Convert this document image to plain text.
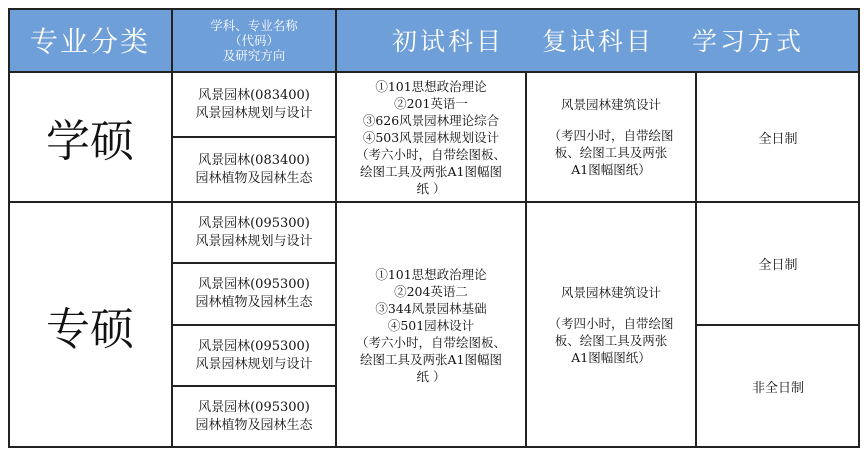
专业分类	学科、专业名称
（代码）
及研究方向	初试科目 复试科目 学习方式
学硕
风景园林(083400)
风景园林规划与设计
风景园林(083400)
园林植物及园林生态
①101思想政治理论
②201英语一
③626风景园林理论综合
④503风景园林规划设计
（考六小时，自带绘图板、
绘图工具及两张A1图幅图
纸 ）
风景园林建筑设计
（考四小时，自带绘图
板、绘图工具及两张
A1图幅图纸）
全日制
专硕
风景园林(095300)
风景园林规划与设计
风景园林(095300)
园林植物及园林生态
风景园林(095300)
风景园林规划与设计
风景园林(095300)
园林植物及园林生态
①101思想政治理论
②204英语二
③344风景园林基础
④501园林设计
（考六小时，自带绘图板、
绘图工具及两张A1图幅图
纸 ）
风景园林建筑设计
（考四小时，自带绘图
板、绘图工具及两张
A1图幅图纸）
全日制
非全日制
